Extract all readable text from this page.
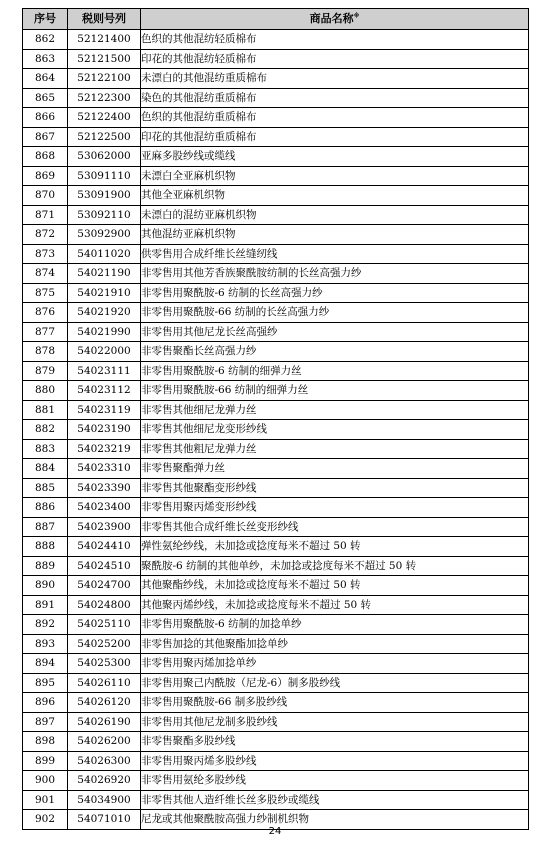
序号	税则号列	商品名称※
862	52121400	色织的其他混纺轻质棉布
863	52121500	印花的其他混纺轻质棉布
864	52122100	未漂白的其他混纺重质棉布
865	52122300	染色的其他混纺重质棉布
866	52122400	色织的其他混纺重质棉布
867	52122500	印花的其他混纺重质棉布
868	53062000	亚麻多股纱线或缆线
869	53091110	未漂白全亚麻机织物
870	53091900	其他全亚麻机织物
871	53092110	未漂白的混纺亚麻机织物
872	53092900	其他混纺亚麻机织物
873	54011020	供零售用合成纤维长丝缝纫线
874	54021190	非零售用其他芳香族聚酰胺纺制的长丝高强力纱
875	54021910	非零售用聚酰胺-6 纺制的长丝高强力纱
876	54021920	非零售用聚酰胺-66 纺制的长丝高强力纱
877	54021990	非零售用其他尼龙长丝高强纱
878	54022000	非零售聚酯长丝高强力纱
879	54023111	非零售用聚酰胺-6 纺制的细弹力丝
880	54023112	非零售用聚酰胺-66 纺制的细弹力丝
881	54023119	非零售其他细尼龙弹力丝
882	54023190	非零售其他细尼龙变形纱线
883	54023219	非零售其他粗尼龙弹力丝
884	54023310	非零售聚酯弹力丝
885	54023390	非零售其他聚酯变形纱线
886	54023400	非零售用聚丙烯变形纱线
887	54023900	非零售其他合成纤维长丝变形纱线
888	54024410	弹性氨纶纱线，未加捻或捻度每米不超过 50 转
889	54024510	聚酰胺-6 纺制的其他单纱，未加捻或捻度每米不超过 50 转
890	54024700	其他聚酯纱线，未加捻或捻度每米不超过 50 转
891	54024800	其他聚丙烯纱线，未加捻或捻度每米不超过 50 转
892	54025110	非零售用聚酰胺-6 纺制的加捻单纱
893	54025200	非零售加捻的其他聚酯加捻单纱
894	54025300	非零售用聚丙烯加捻单纱
895	54026110	非零售用聚己内酰胺（尼龙-6）制多股纱线
896	54026120	非零售用聚酰胺-66 制多股纱线
897	54026190	非零售用其他尼龙制多股纱线
898	54026200	非零售聚酯多股纱线
899	54026300	非零售用聚丙烯多股纱线
900	54026920	非零售用氨纶多股纱线
901	54034900	非零售其他人造纤维长丝多股纱或缆线
902	54071010	尼龙或其他聚酰胺高强力纱制机织物
24
